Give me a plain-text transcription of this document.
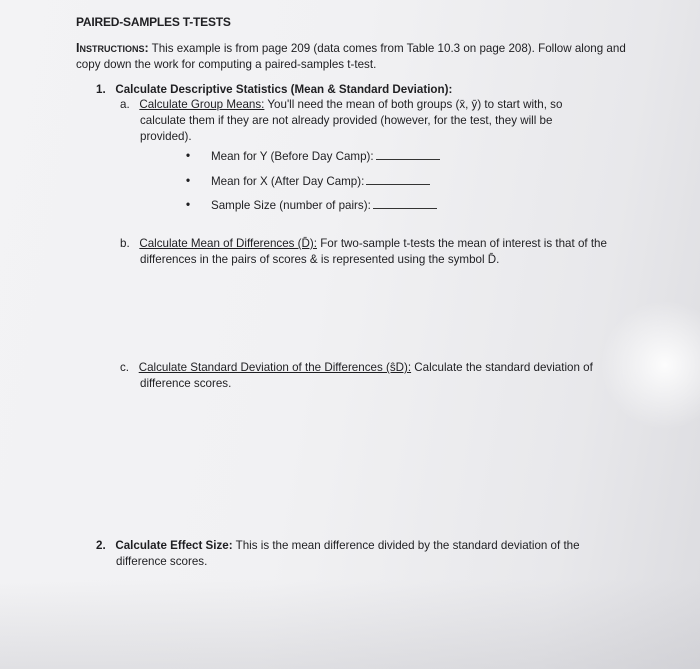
PAIRED-SAMPLES T-TESTS
Instructions: This example is from page 209 (data comes from Table 10.3 on page 208). Follow along and copy down the work for computing a paired-samples t-test.
1. Calculate Descriptive Statistics (Mean & Standard Deviation):
a. Calculate Group Means: You'll need the mean of both groups (x̄, ȳ) to start with, so calculate them if they are not already provided (however, for the test, they will be provided).
• Mean for Y (Before Day Camp):
• Mean for X (After Day Camp):
• Sample Size (number of pairs):
b. Calculate Mean of Differences (D̄): For two-sample t-tests the mean of interest is that of the differences in the pairs of scores & is represented using the symbol D̄.
c. Calculate Standard Deviation of the Differences (ŝD): Calculate the standard deviation of difference scores.
2. Calculate Effect Size: This is the mean difference divided by the standard deviation of the difference scores.
